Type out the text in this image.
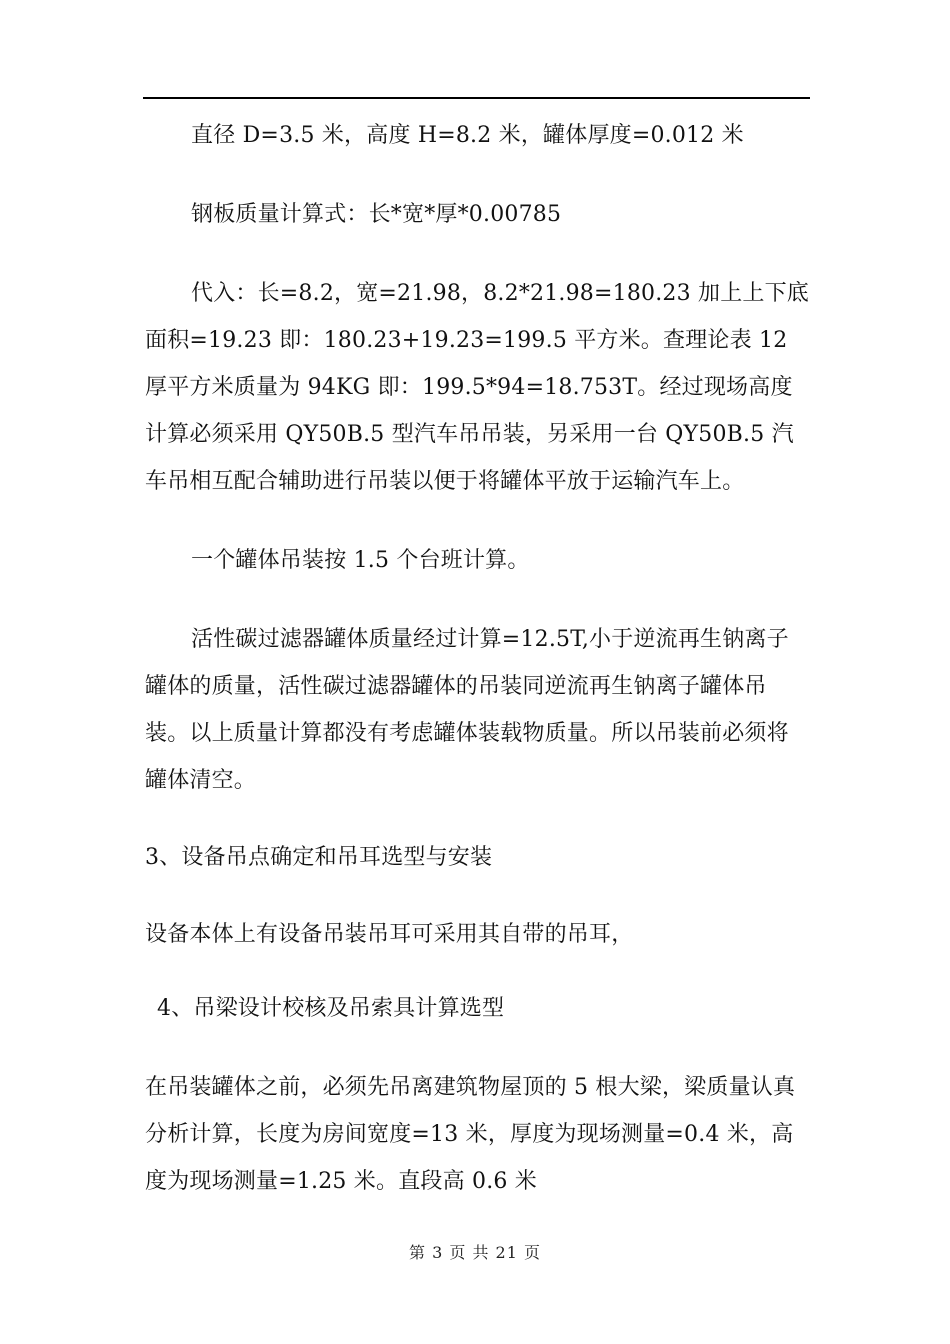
直径 D=3.5 米，高度 H=8.2 米，罐体厚度=0.012 米

钢板质量计算式：长*宽*厚*0.00785

代入：长=8.2，宽=21.98，8.2*21.98=180.23 加上上下底面积=19.23 即：180.23+19.23=199.5 平方米。查理论表 12 厚平方米质量为 94KG 即：199.5*94=18.753T。经过现场高度计算必须采用 QY50B.5 型汽车吊吊装，另采用一台 QY50B.5 汽车吊相互配合辅助进行吊装以便于将罐体平放于运输汽车上。

一个罐体吊装按 1.5 个台班计算。

活性碳过滤器罐体质量经过计算=12.5T,小于逆流再生钠离子罐体的质量，活性碳过滤器罐体的吊装同逆流再生钠离子罐体吊装。以上质量计算都没有考虑罐体装载物质量。所以吊装前必须将罐体清空。

3、设备吊点确定和吊耳选型与安装

设备本体上有设备吊装吊耳可采用其自带的吊耳，

4、吊梁设计校核及吊索具计算选型

在吊装罐体之前，必须先吊离建筑物屋顶的 5 根大梁，梁质量认真分析计算，长度为房间宽度=13 米，厚度为现场测量=0.4 米，高度为现场测量=1.25 米。直段高 0.6 米

第 3 页 共 21 页
